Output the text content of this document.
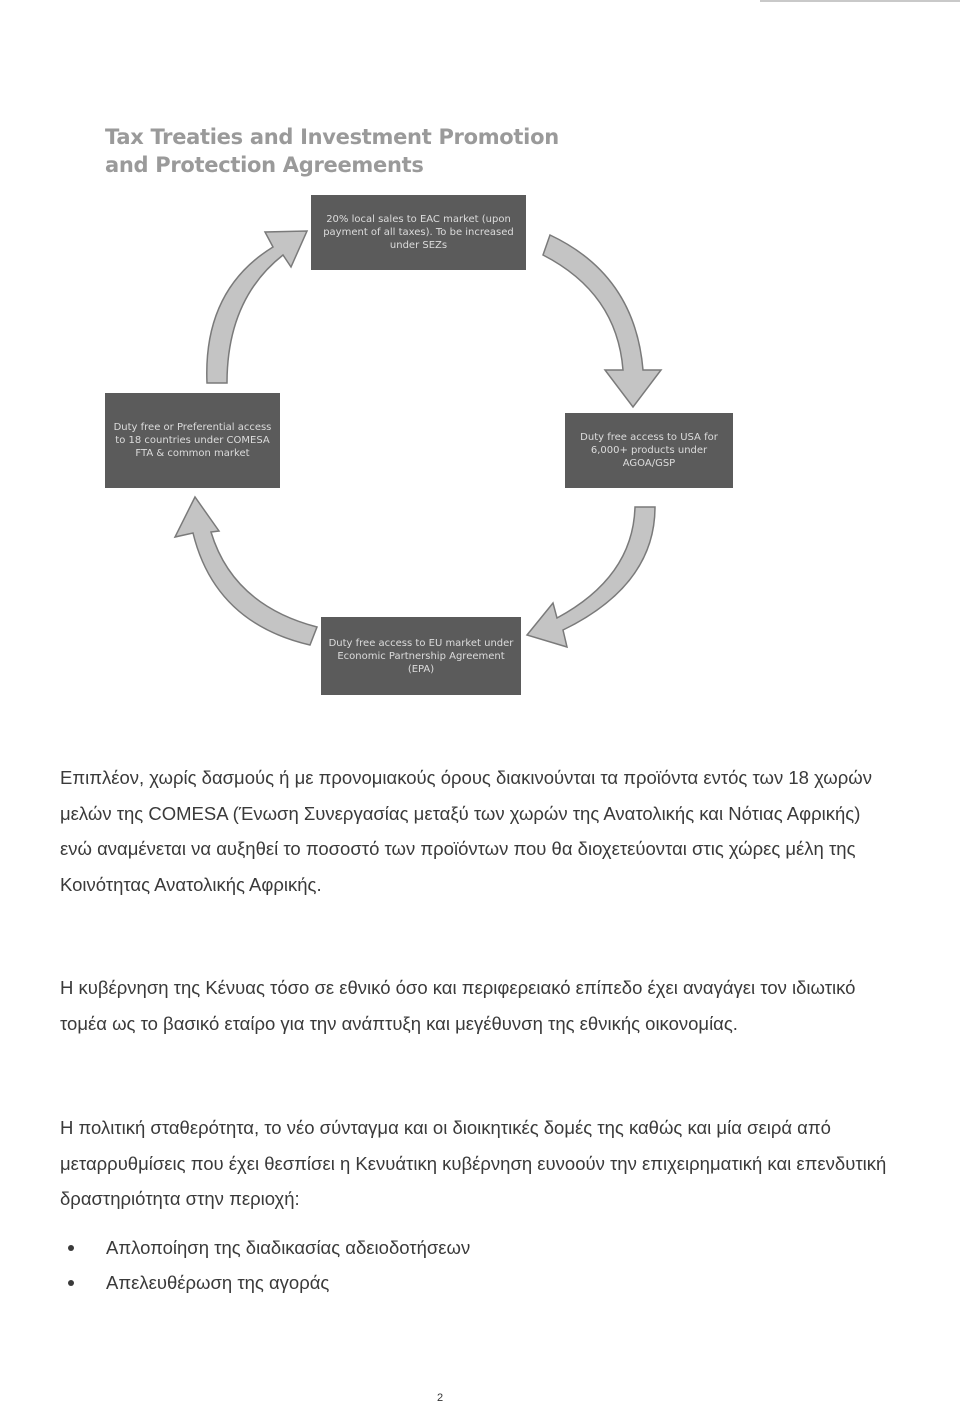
Tax Treaties and Investment Promotion
and Protection Agreements
20% local sales to EAC market (upon payment of all taxes). To be increased under SEZs
Duty free or Preferential access to 18 countries under COMESA FTA & common market
Duty free access to USA for 6,000+ products under AGOA/GSP
Duty free access to EU market under Economic Partnership Agreement (EPA)

Επιπλέον, χωρίς δασμούς ή με προνομιακούς όρους διακινούνται τα προϊόντα εντός των 18 χωρών μελών της COMESA (Ένωση Συνεργασίας μεταξύ των χωρών της Ανατολικής και Νότιας Αφρικής) ενώ αναμένεται να αυξηθεί το ποσοστό των προϊόντων που θα διοχετεύονται στις χώρες μέλη της Κοινότητας Ανατολικής Αφρικής.

Η κυβέρνηση της Κένυας τόσο σε εθνικό όσο και περιφερειακό επίπεδο έχει αναγάγει τον ιδιωτικό τομέα ως το βασικό εταίρο για την ανάπτυξη και μεγέθυνση της εθνικής οικονομίας.

Η πολιτική σταθερότητα, το νέο σύνταγμα και οι διοικητικές δομές της καθώς και μία σειρά από μεταρρυθμίσεις που έχει θεσπίσει η Κενυάτικη κυβέρνηση ευνοούν την επιχειρηματική και επενδυτική δραστηριότητα στην περιοχή:

Απλοποίηση της διαδικασίας αδειοδοτήσεων
Απελευθέρωση της αγοράς
2
